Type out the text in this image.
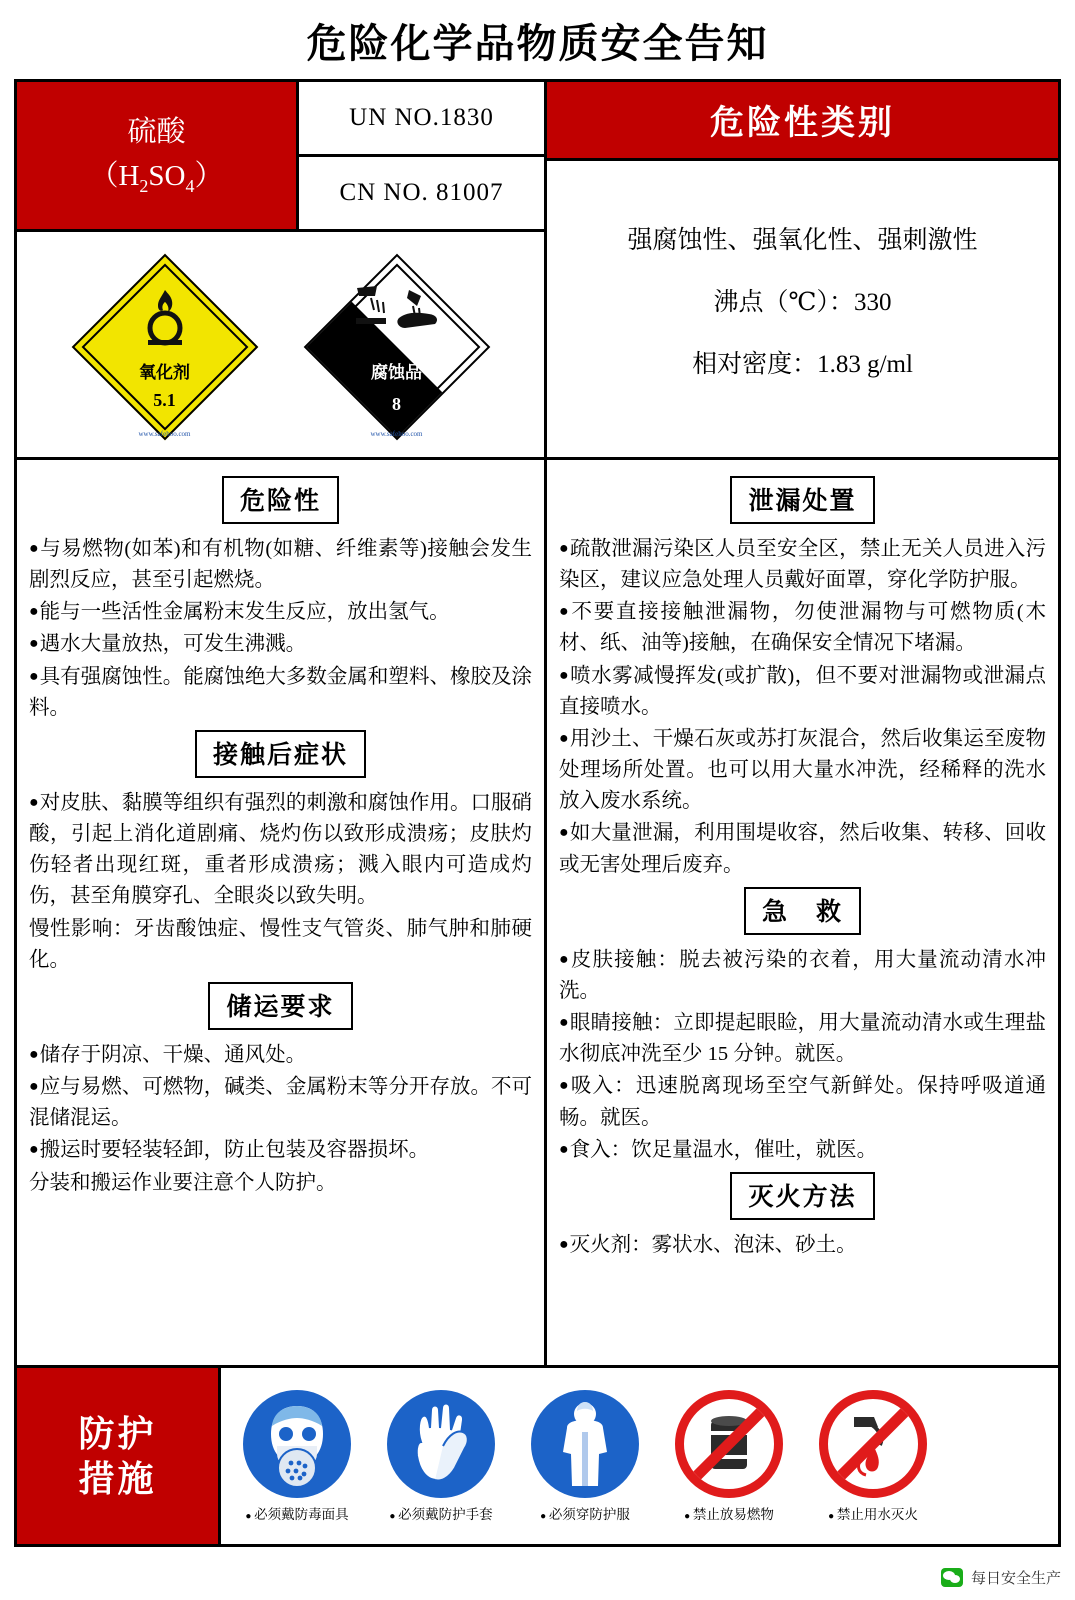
危险化学品物质安全告知
硫酸
$(H_2SO_4)$
UN NO.1830
CN NO. 81007
氧化剂
5.1
www.safehoo.com
腐蚀品
8
www.safehoo.com
危险性类别
强腐蚀性、强氧化性、强刺激性
沸点（℃）：330
相对密度：1.83 g/ml
危险性

● 与易燃物(如苯)和有机物(如糖、纤维素等)接触会发生剧烈反应，甚至引起燃烧。

● 能与一些活性金属粉末发生反应，放出氢气。

● 遇水大量放热，可发生沸溅。

● 具有强腐蚀性。能腐蚀绝大多数金属和塑料、橡胶及涂料。

接触后症状

● 对皮肤、黏膜等组织有强烈的刺激和腐蚀作用。口服硝酸，引起上消化道剧痛、烧灼伤以致形成溃疡；皮肤灼伤轻者出现红斑，重者形成溃疡；溅入眼内可造成灼伤，甚至角膜穿孔、全眼炎以致失明。

慢性影响：牙齿酸蚀症、慢性支气管炎、肺气肿和肺硬化。

储运要求

● 储存于阴凉、干燥、通风处。

● 应与易燃、可燃物，碱类、金属粉末等分开存放。不可混储混运。

● 搬运时要轻装轻卸，防止包装及容器损坏。

分装和搬运作业要注意个人防护。

泄漏处置

● 疏散泄漏污染区人员至安全区，禁止无关人员进入污染区，建议应急处理人员戴好面罩，穿化学防护服。

● 不要直接接触泄漏物，勿使泄漏物与可燃物质(木材、纸、油等)接触，在确保安全情况下堵漏。

● 喷水雾减慢挥发(或扩散)，但不要对泄漏物或泄漏点直接喷水。

● 用沙土、干燥石灰或苏打灰混合，然后收集运至废物处理场所处置。也可以用大量水冲洗，经稀释的洗水放入废水系统。

● 如大量泄漏，利用围堤收容，然后收集、转移、回收或无害处理后废弃。

急　救

● 皮肤接触：脱去被污染的衣着，用大量流动清水冲洗。

● 眼睛接触：立即提起眼睑，用大量流动清水或生理盐水彻底冲洗至少 15 分钟。就医。

● 吸入：迅速脱离现场至空气新鲜处。保持呼吸道通畅。就医。

● 食入：饮足量温水，催吐，就医。

灭火方法

● 灭火剂：雾状水、泡沫、砂土。

防护
措施
● 必须戴防毒面具	● 必须戴防护手套	● 必须穿防护服	● 禁止放易燃物	● 禁止用水灭火
每日安全生产
